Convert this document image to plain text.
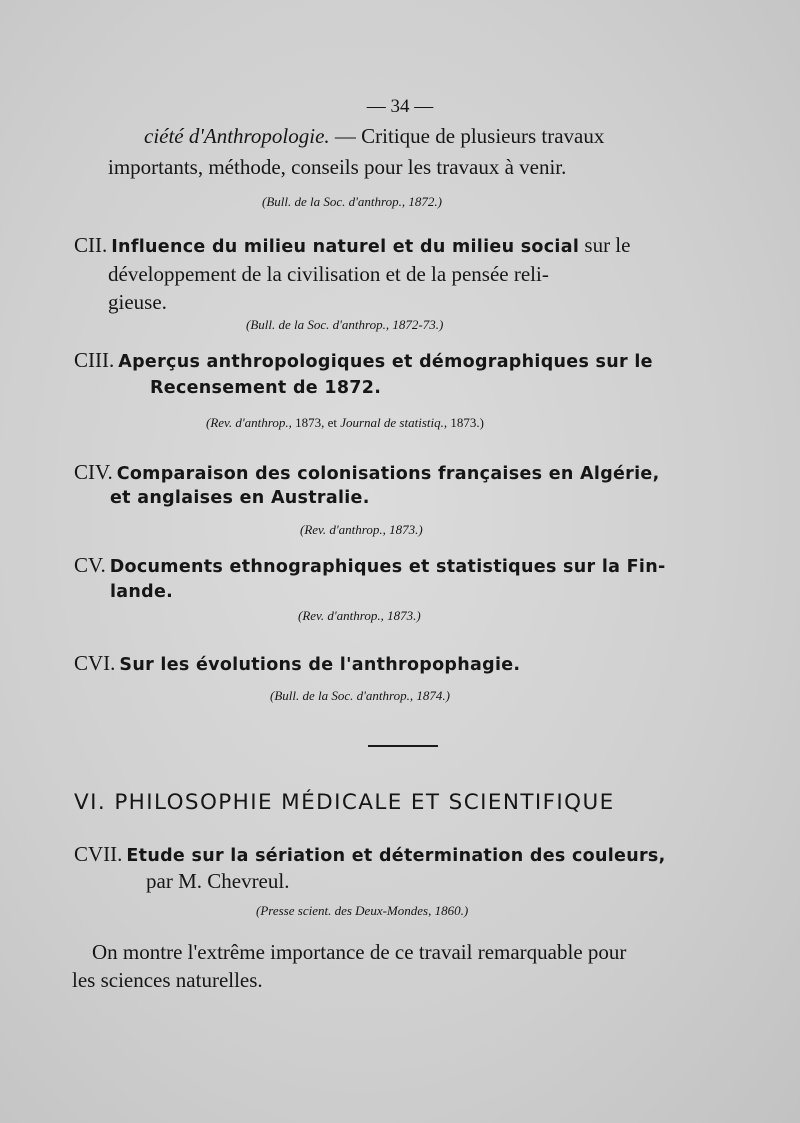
— 34 —
ciété d'Anthropologie. — Critique de plusieurs travaux
importants, méthode, conseils pour les travaux à venir.
(Bull. de la Soc. d'anthrop., 1872.)
CII. Influence du milieu naturel et du milieu social sur le
développement de la civilisation et de la pensée reli-
gieuse.
(Bull. de la Soc. d'anthrop., 1872-73.)
CIII. Aperçus anthropologiques et démographiques sur le
Recensement de 1872.
(Rev. d'anthrop., 1873, et Journal de statistiq., 1873.)
CIV. Comparaison des colonisations françaises en Algérie,
et anglaises en Australie.
(Rev. d'anthrop., 1873.)
CV. Documents ethnographiques et statistiques sur la Fin-
lande.
(Rev. d'anthrop., 1873.)
CVI. Sur les évolutions de l'anthropophagie.
(Bull. de la Soc. d'anthrop., 1874.)
VI. PHILOSOPHIE MÉDICALE ET SCIENTIFIQUE
CVII. Etude sur la sériation et détermination des couleurs,
par M. Chevreul.
(Presse scient. des Deux-Mondes, 1860.)
On montre l'extrême importance de ce travail remarquable pour
les sciences naturelles.
